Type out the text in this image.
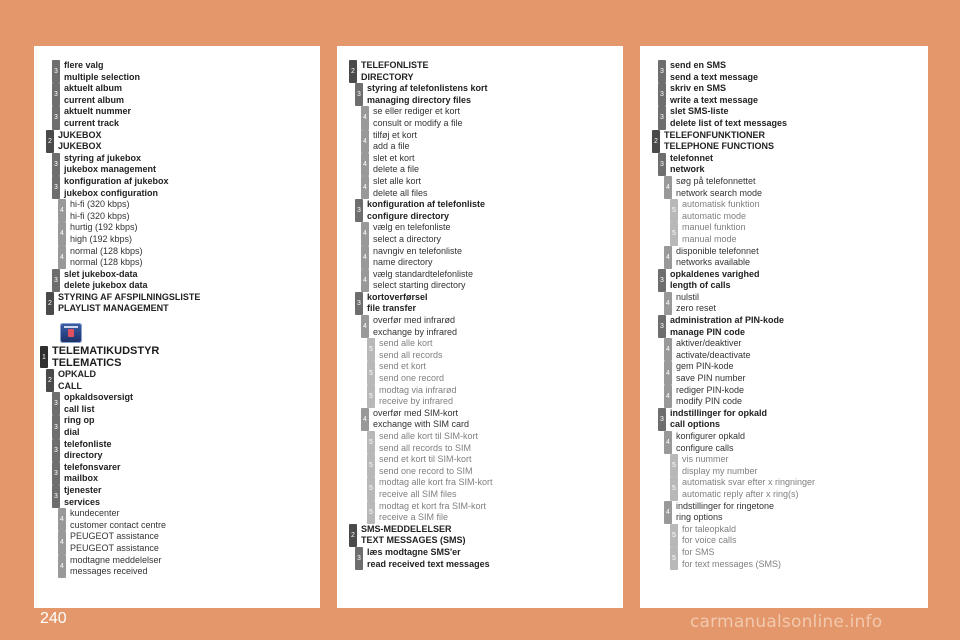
3
flere valg
multiple selection
3
aktuelt album
current album
3
aktuelt nummer
current track
2
JUKEBOX
JUKEBOX
3
styring af jukebox
jukebox management
3
konfiguration af jukebox
jukebox configuration
4
hi-fi (320 kbps)
hi-fi (320 kbps)
4
hurtig (192 kbps)
high (192 kbps)
4
normal (128 kbps)
normal (128 kbps)
3
slet jukebox-data
delete jukebox data
2
STYRING AF AFSPILNINGSLISTE
PLAYLIST MANAGEMENT
1 TELEMATIKUDSTYR
TELEMATICS
2
OPKALD
CALL
3
opkaldsoversigt
call list
3
ring op
dial
3
telefonliste
directory
3
telefonsvarer
mailbox
3
tjenester
services
4
kundecenter
customer contact centre
4
PEUGEOT assistance
PEUGEOT assistance
4
modtagne meddelelser
messages received
2
TELEFONLISTE
DIRECTORY
3
styring af telefonlistens kort
managing directory files
4
se eller rediger et kort
consult or modify a file
4
tilføj et kort
add a file
4
slet et kort
delete a file
4
slet alle kort
delete all files
3
konfiguration af telefonliste
configure directory
4
vælg en telefonliste
select a directory
4
navngiv en telefonliste
name directory
4
vælg standardtelefonliste
select starting directory
3
kortoverførsel
file transfer
4
overfør med infrarød
exchange by infrared
5
send alle kort
send all records
5
send et kort
send one record
5
modtag via infrarød
receive by infrared
4
overfør med SIM-kort
exchange with SIM card
5
send alle kort til SIM-kort
send all records to SIM
5
send et kort til SIM-kort
send one record to SIM
5
modtag alle kort fra SIM-kort
receive all SIM files
5
modtag et kort fra SIM-kort
receive a SIM file
2
SMS-MEDDELELSER
TEXT MESSAGES (SMS)
3
læs modtagne SMS'er
read received text messages
3
send en SMS
send a text message
3
skriv en SMS
write a text message
3
slet SMS-liste
delete list of text messages
2
TELEFONFUNKTIONER
TELEPHONE FUNCTIONS
3
telefonnet
network
4
søg på telefonnettet
network search mode
5
automatisk funktion
automatic mode
5
manuel funktion
manual mode
4
disponible telefonnet
networks available
3
opkaldenes varighed
length of calls
4
nulstil
zero reset
3
administration af PIN-kode
manage PIN code
4
aktiver/deaktiver
activate/deactivate
4
gem PIN-kode
save PIN number
4
rediger PIN-kode
modify PIN code
3
indstillinger for opkald
call options
4
konfigurer opkald
configure calls
5
vis nummer
display my number
5
automatisk svar efter x ringninger
automatic reply after x ring(s)
4
indstillinger for ringetone
ring options
5
for taleopkald
for voice calls
5
for SMS
for text messages (SMS)
240	carmanualsonline.info
